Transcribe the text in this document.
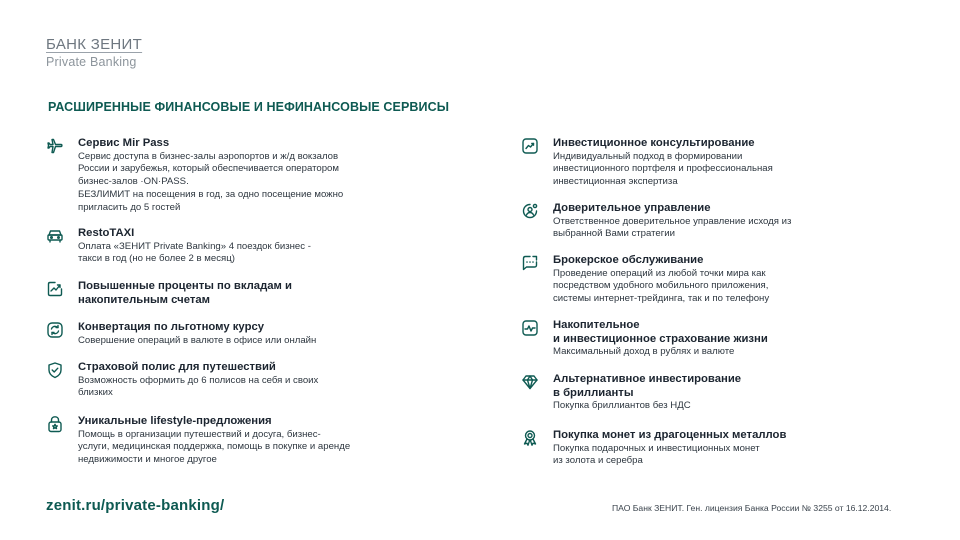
БАНК ЗЕНИТ
Private Banking
РАСШИРЕННЫЕ ФИНАНСОВЫЕ И НЕФИНАНСОВЫЕ СЕРВИСЫ
Сервис Mir Pass
Сервис доступа в бизнес-залы аэропортов и ж/д вокзалов
России и зарубежья, который обеспечивается оператором
бизнес-залов ·ON·PASS.
БЕЗЛИМИТ на посещения в год, за одно посещение можно
пригласить до 5 гостей
RestoTAXI
Оплата «ЗЕНИТ Private Banking» 4 поездок бизнес -
такси в год (но не более 2 в месяц)
Повышенные проценты по вкладам и
накопительным счетам
Конвертация по льготному курсу
Совершение операций в валюте в офисе или онлайн
Страховой полис для путешествий
Возможность оформить до 6 полисов на себя и своих
близких
Уникальные lifestyle-предложения
Помощь в организации путешествий и досуга, бизнес-
услуги, медицинская поддержка, помощь в покупке и аренде
недвижимости и многое другое
Инвестиционное консультирование
Индивидуальный подход в формировании
инвестиционного портфеля и профессиональная
инвестиционная экспертиза
Доверительное управление
Ответственное доверительное управление исходя из
выбранной Вами стратегии
Брокерское обслуживание
Проведение операций из любой точки мира как
посредством удобного мобильного приложения,
системы интернет-трейдинга, так и по телефону
Накопительное
и инвестиционное страхование жизни
Максимальный доход в рублях и валюте
Альтернативное инвестирование
в бриллианты
Покупка бриллиантов без НДС
Покупка монет из драгоценных металлов
Покупка подарочных и инвестиционных монет
из золота и серебра
zenit.ru/private-banking/	ПАО Банк ЗЕНИТ. Ген. лицензия Банка России № 3255 от 16.12.2014.
